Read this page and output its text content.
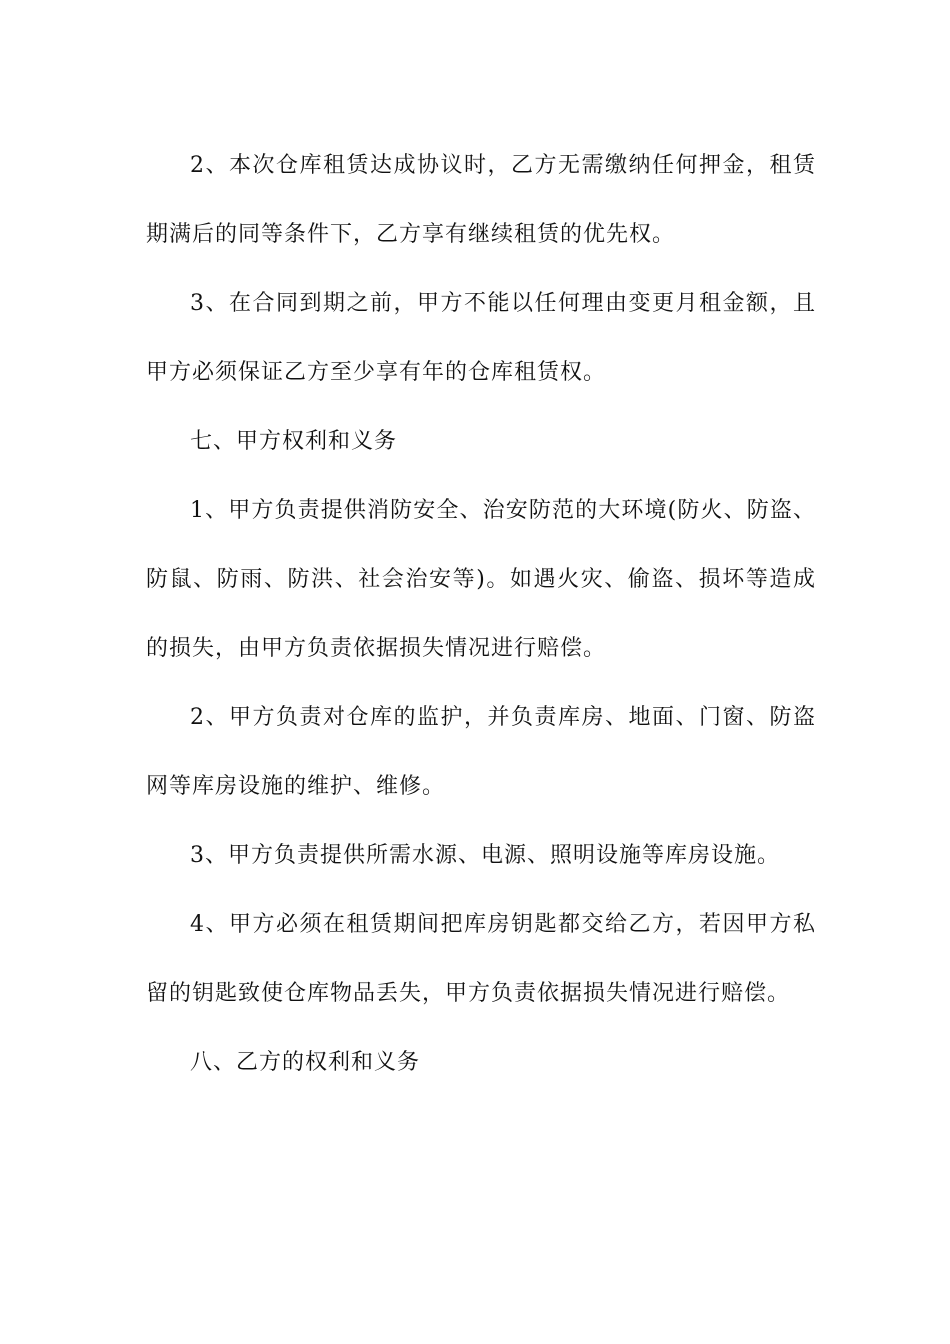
2、本次仓库租赁达成协议时，乙方无需缴纳任何押金，租赁期满后的同等条件下，乙方享有继续租赁的优先权。

3、在合同到期之前，甲方不能以任何理由变更月租金额，且甲方必须保证乙方至少享有年的仓库租赁权。

七、甲方权利和义务

1、甲方负责提供消防安全、治安防范的大环境(防火、防盗、防鼠、防雨、防洪、社会治安等)。如遇火灾、偷盗、损坏等造成的损失，由甲方负责依据损失情况进行赔偿。

2、甲方负责对仓库的监护，并负责库房、地面、门窗、防盗网等库房设施的维护、维修。

3、甲方负责提供所需水源、电源、照明设施等库房设施。

4、甲方必须在租赁期间把库房钥匙都交给乙方，若因甲方私留的钥匙致使仓库物品丢失，甲方负责依据损失情况进行赔偿。

八、乙方的权利和义务
